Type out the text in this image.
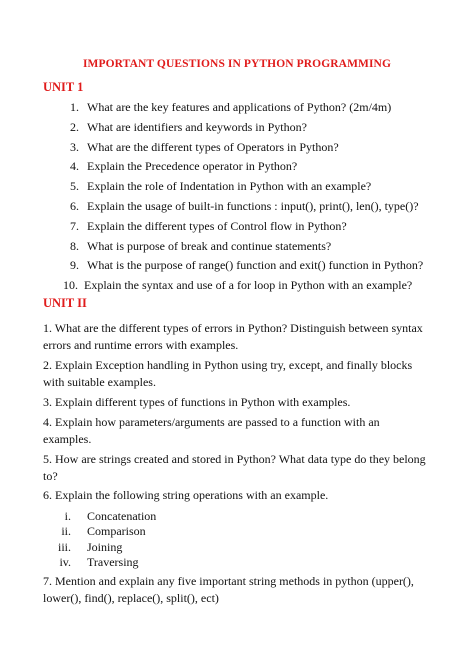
IMPORTANT QUESTIONS IN PYTHON PROGRAMMING
UNIT 1
1. What are the key features and applications of Python? (2m/4m)
2. What are identifiers and keywords in Python?
3. What are the different types of Operators in Python?
4. Explain the Precedence operator in Python?
5. Explain the role of Indentation in Python with an example?
6. Explain the usage of built-in functions : input(), print(), len(), type()?
7. Explain the different types of Control flow in Python?
8. What is purpose of break and continue statements?
9. What is the purpose of range() function and exit() function in Python?
10. Explain the syntax and use of a for loop in Python with an example?
UNIT II
1. What are the different types of errors in Python? Distinguish between syntax
errors and runtime errors with examples.
2. Explain Exception handling in Python using try, except, and finally blocks
with suitable examples.
3. Explain different types of functions in Python with examples.
4. Explain how parameters/arguments are passed to a function with an
examples.
5. How are strings created and stored in Python? What data type do they belong
to?
6. Explain the following string operations with an example.
i. Concatenation
ii. Comparison
iii. Joining
iv. Traversing
7. Mention and explain any five important string methods in python (upper(),
lower(), find(), replace(), split(), ect)
